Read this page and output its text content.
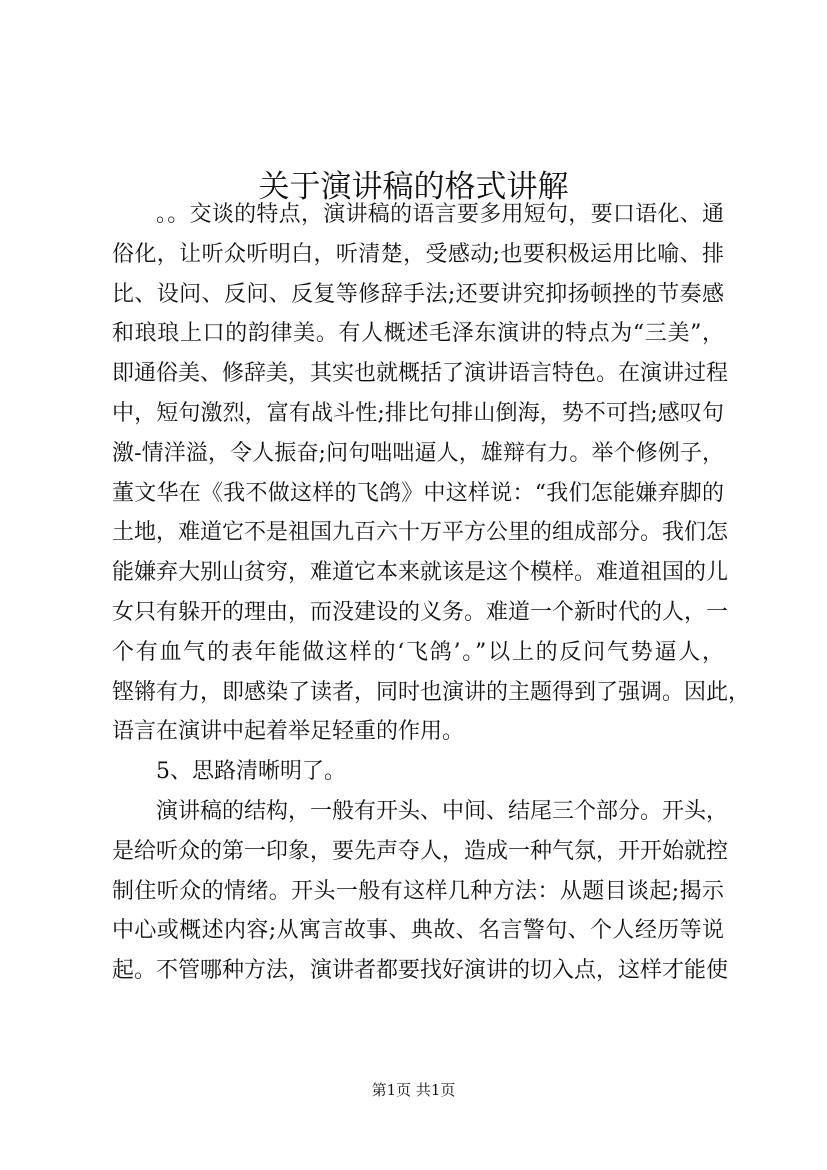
关于演讲稿的格式讲解
。。交谈的特点，演讲稿的语言要多用短句，要口语化、通
俗化，让听众听明白，听清楚，受感动;也要积极运用比喻、排
比、设问、反问、反复等修辞手法;还要讲究抑扬顿挫的节奏感
和琅琅上口的韵律美。有人概述毛泽东演讲的特点为“三美”，
即通俗美、修辞美，其实也就概括了演讲语言特色。在演讲过程
中，短句激烈，富有战斗性;排比句排山倒海，势不可挡;感叹句
激-情洋溢，令人振奋;问句咄咄逼人，雄辩有力。举个修例子，
董文华在《我不做这样的飞鸽》中这样说：“我们怎能嫌弃脚的
土地，难道它不是祖国九百六十万平方公里的组成部分。我们怎
能嫌弃大别山贫穷，难道它本来就该是这个模样。难道祖国的儿
女只有躲开的理由，而没建设的义务。难道一个新时代的人，一
个有血气的表年能做这样的‘飞鸽’。”以上的反问气势逼人，
铿锵有力，即感染了读者，同时也演讲的主题得到了强调。因此，
语言在演讲中起着举足轻重的作用。
5、思路清晰明了。
演讲稿的结构，一般有开头、中间、结尾三个部分。开头，
是给听众的第一印象，要先声夺人，造成一种气氛，开开始就控
制住听众的情绪。开头一般有这样几种方法：从题目谈起;揭示
中心或概述内容;从寓言故事、典故、名言警句、个人经历等说
起。不管哪种方法，演讲者都要找好演讲的切入点，这样才能使
第1页 共1页
